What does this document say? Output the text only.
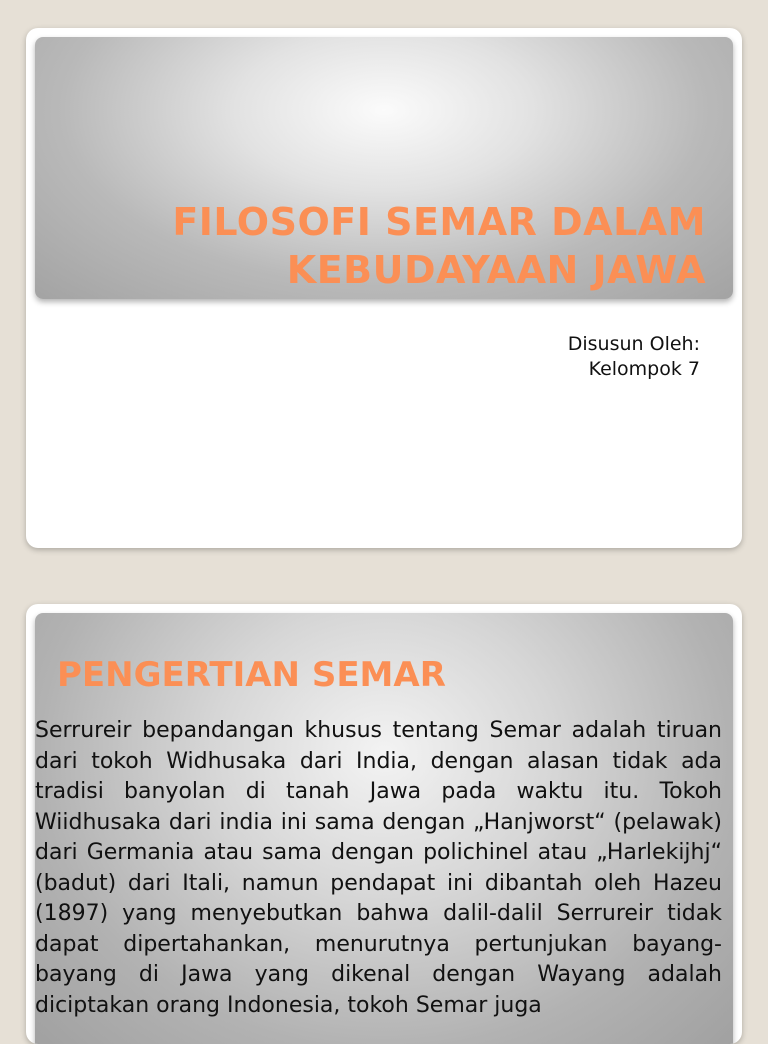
FILOSOFI SEMAR DALAM
KEBUDAYAAN JAWA
Disusun Oleh:
Kelompok 7
PENGERTIAN SEMAR

Serrureir bepandangan khusus tentang Semar adalah tiruan dari tokoh Widhusaka dari India, dengan alasan tidak ada tradisi banyolan di tanah Jawa pada waktu itu. Tokoh Wiidhusaka dari india ini sama dengan „Hanjworst“ (pelawak) dari Germania atau sama dengan polichinel atau „Harlekijhj“ (badut) dari Itali, namun pendapat ini dibantah oleh Hazeu (1897) yang menyebutkan bahwa dalil-dalil Serrureir tidak dapat dipertahankan, menurutnya pertunjukan bayang-bayang di Jawa yang dikenal dengan Wayang adalah diciptakan orang Indonesia, tokoh Semar juga
